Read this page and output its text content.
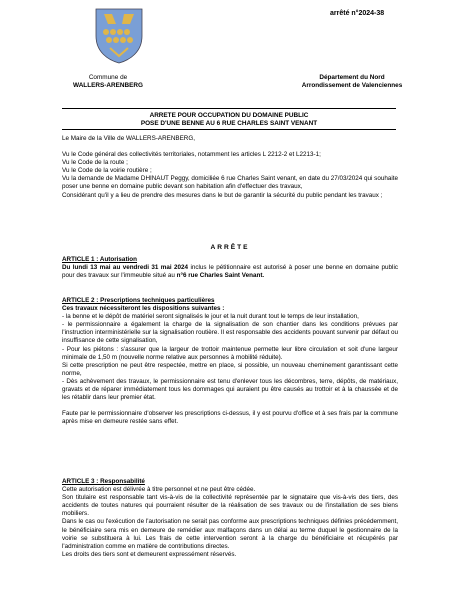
arrêté n°2024-38
Commune de
WALLERS-ARENBERG
Département du Nord
Arrondissement de Valenciennes
ARRETE POUR OCCUPATION DU DOMAINE PUBLIC
POSE D'UNE BENNE AU 6 RUE CHARLES SAINT VENANT

Le Maire de la Ville de WALLERS-ARENBERG,

Vu le Code général des collectivités territoriales, notamment les articles L 2212-2 et L2213-1;

Vu le Code de la route ;

Vu le Code de la voirie routière ;

Vu la demande de Madame DHINAUT Peggy, domiciliée 6 rue Charles Saint venant, en date du 27/03/2024 qui souhaite poser une benne en domaine public devant son habitation afin d'effectuer des travaux,

Considérant qu'il y a lieu de prendre des mesures dans le but de garantir la sécurité du public pendant les travaux ;

ARRÊTE

ARTICLE 1 : Autorisation

Du lundi 13 mai au vendredi 31 mai 2024 inclus le pétitionnaire est autorisé à poser une benne en domaine public pour des travaux sur l'immeuble situé au n°6 rue Charles Saint Venant.

ARTICLE 2 : Prescriptions techniques particulières

Ces travaux nécessiteront les dispositions suivantes :

- la benne et le dépôt de matériel seront signalisés le jour et la nuit durant tout le temps de leur installation,

- le permissionnaire a également la charge de la signalisation de son chantier dans les conditions prévues par l'instruction interministérielle sur la signalisation routière. Il est responsable des accidents pouvant survenir par défaut ou insuffisance de cette signalisation,

- Pour les piétons : s'assurer que la largeur de trottoir maintenue permette leur libre circulation et soit d'une largeur minimale de 1,50 m (nouvelle norme relative aux personnes à mobilité réduite).

Si cette prescription ne peut être respectée, mettre en place, si possible, un nouveau cheminement garantissant cette norme,

- Dès achèvement des travaux, le permissionnaire est tenu d'enlever tous les décombres, terre, dépôts, de matériaux, gravats et de réparer immédiatement tous les dommages qui auraient pu être causés au trottoir et à la chaussée et de les rétablir dans leur premier état.

Faute par le permissionnaire d'observer les prescriptions ci-dessus, il y est pourvu d'office et à ses frais par la commune après mise en demeure restée sans effet.

ARTICLE 3 : Responsabilité

Cette autorisation est délivrée à titre personnel et ne peut être cédée.

Son titulaire est responsable tant vis-à-vis de la collectivité représentée par le signataire que vis-à-vis des tiers, des accidents de toutes natures qui pourraient résulter de la réalisation de ses travaux ou de l'installation de ses biens mobiliers.

Dans le cas ou l'exécution de l'autorisation ne serait pas conforme aux prescriptions techniques définies précédemment, le bénéficiaire sera mis en demeure de remédier aux malfaçons dans un délai au terme duquel le gestionnaire de la voirie se substituera à lui. Les frais de cette intervention seront à la charge du bénéficiaire et récupérés par l'administration comme en matière de contributions directes.

Les droits des tiers sont et demeurent expressément réservés.
